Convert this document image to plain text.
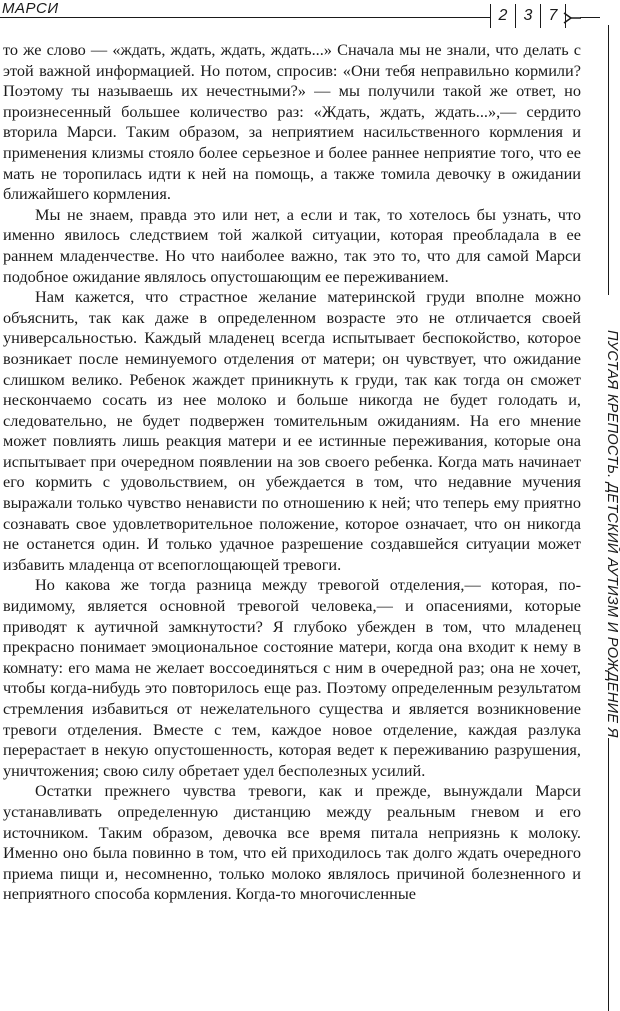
МАРСИ	2	3	7

то же слово — «ждать, ждать, ждать, ждать...» Сначала мы не знали, что делать с этой важной информацией. Но потом, спросив: «Они тебя неправильно кормили? Поэтому ты называешь их нечестными?» — мы получили такой же ответ, но произнесенный большее количество раз: «Ждать, ждать, ждать...»,— сердито вторила Марси. Таким образом, за неприятием насильственного кормления и применения клизмы стояло более серьезное и более раннее неприятие того, что ее мать не торопилась идти к ней на помощь, а также томила девочку в ожидании ближайшего кормления.

Мы не знаем, правда это или нет, а если и так, то хотелось бы узнать, что именно явилось следствием той жалкой ситуации, которая преобладала в ее раннем младенчестве. Но что наиболее важно, так это то, что для самой Марси подобное ожидание являлось опустошающим ее переживанием.

Нам кажется, что страстное желание материнской груди вполне можно объяснить, так как даже в определенном возрасте это не отличается своей универсальностью. Каждый младенец всегда испытывает беспокойство, которое возникает после неминуемого отделения от матери; он чувствует, что ожидание слишком велико. Ребенок жаждет приникнуть к груди, так как тогда он сможет нескончаемо сосать из нее молоко и больше никогда не будет голодать и, следовательно, не будет подвержен томительным ожиданиям. На его мнение может повлиять лишь реакция матери и ее истинные переживания, которые она испытывает при очередном появлении на зов своего ребенка. Когда мать начинает его кормить с удовольствием, он убеждается в том, что недавние мучения выражали только чувство ненависти по отношению к ней; что теперь ему приятно сознавать свое удовлетворительное положение, которое означает, что он никогда не останется один. И только удачное разрешение создавшейся ситуации может избавить младенца от всепоглощающей тревоги.

Но какова же тогда разница между тревогой отделения,— которая, по-видимому, является основной тревогой человека,— и опасениями, которые приводят к аутичной замкнутости? Я глубоко убежден в том, что младенец прекрасно понимает эмоциональное состояние матери, когда она входит к нему в комнату: его мама не желает воссоединяться с ним в очередной раз; она не хочет, чтобы когда-нибудь это повторилось еще раз. Поэтому определенным результатом стремления избавиться от нежелательного существа и является возникновение тревоги отделения. Вместе с тем, каждое новое отделение, каждая разлука перерастает в некую опустошенность, которая ведет к переживанию разрушения, уничтожения; свою силу обретает удел бесполезных усилий.

Остатки прежнего чувства тревоги, как и прежде, вынуждали Марси устанавливать определенную дистанцию между реальным гневом и его источником. Таким образом, девочка все время питала неприязнь к молоку. Именно оно была повинно в том, что ей приходилось так долго ждать очередного приема пищи и, несомненно, только молоко являлось причиной болезненного и неприятного способа кормления. Когда-то многочисленные

ПУСТАЯ КРЕПОСТЬ. ДЕТСКИЙ АУТИЗМ И РОЖДЕНИЕ Я
